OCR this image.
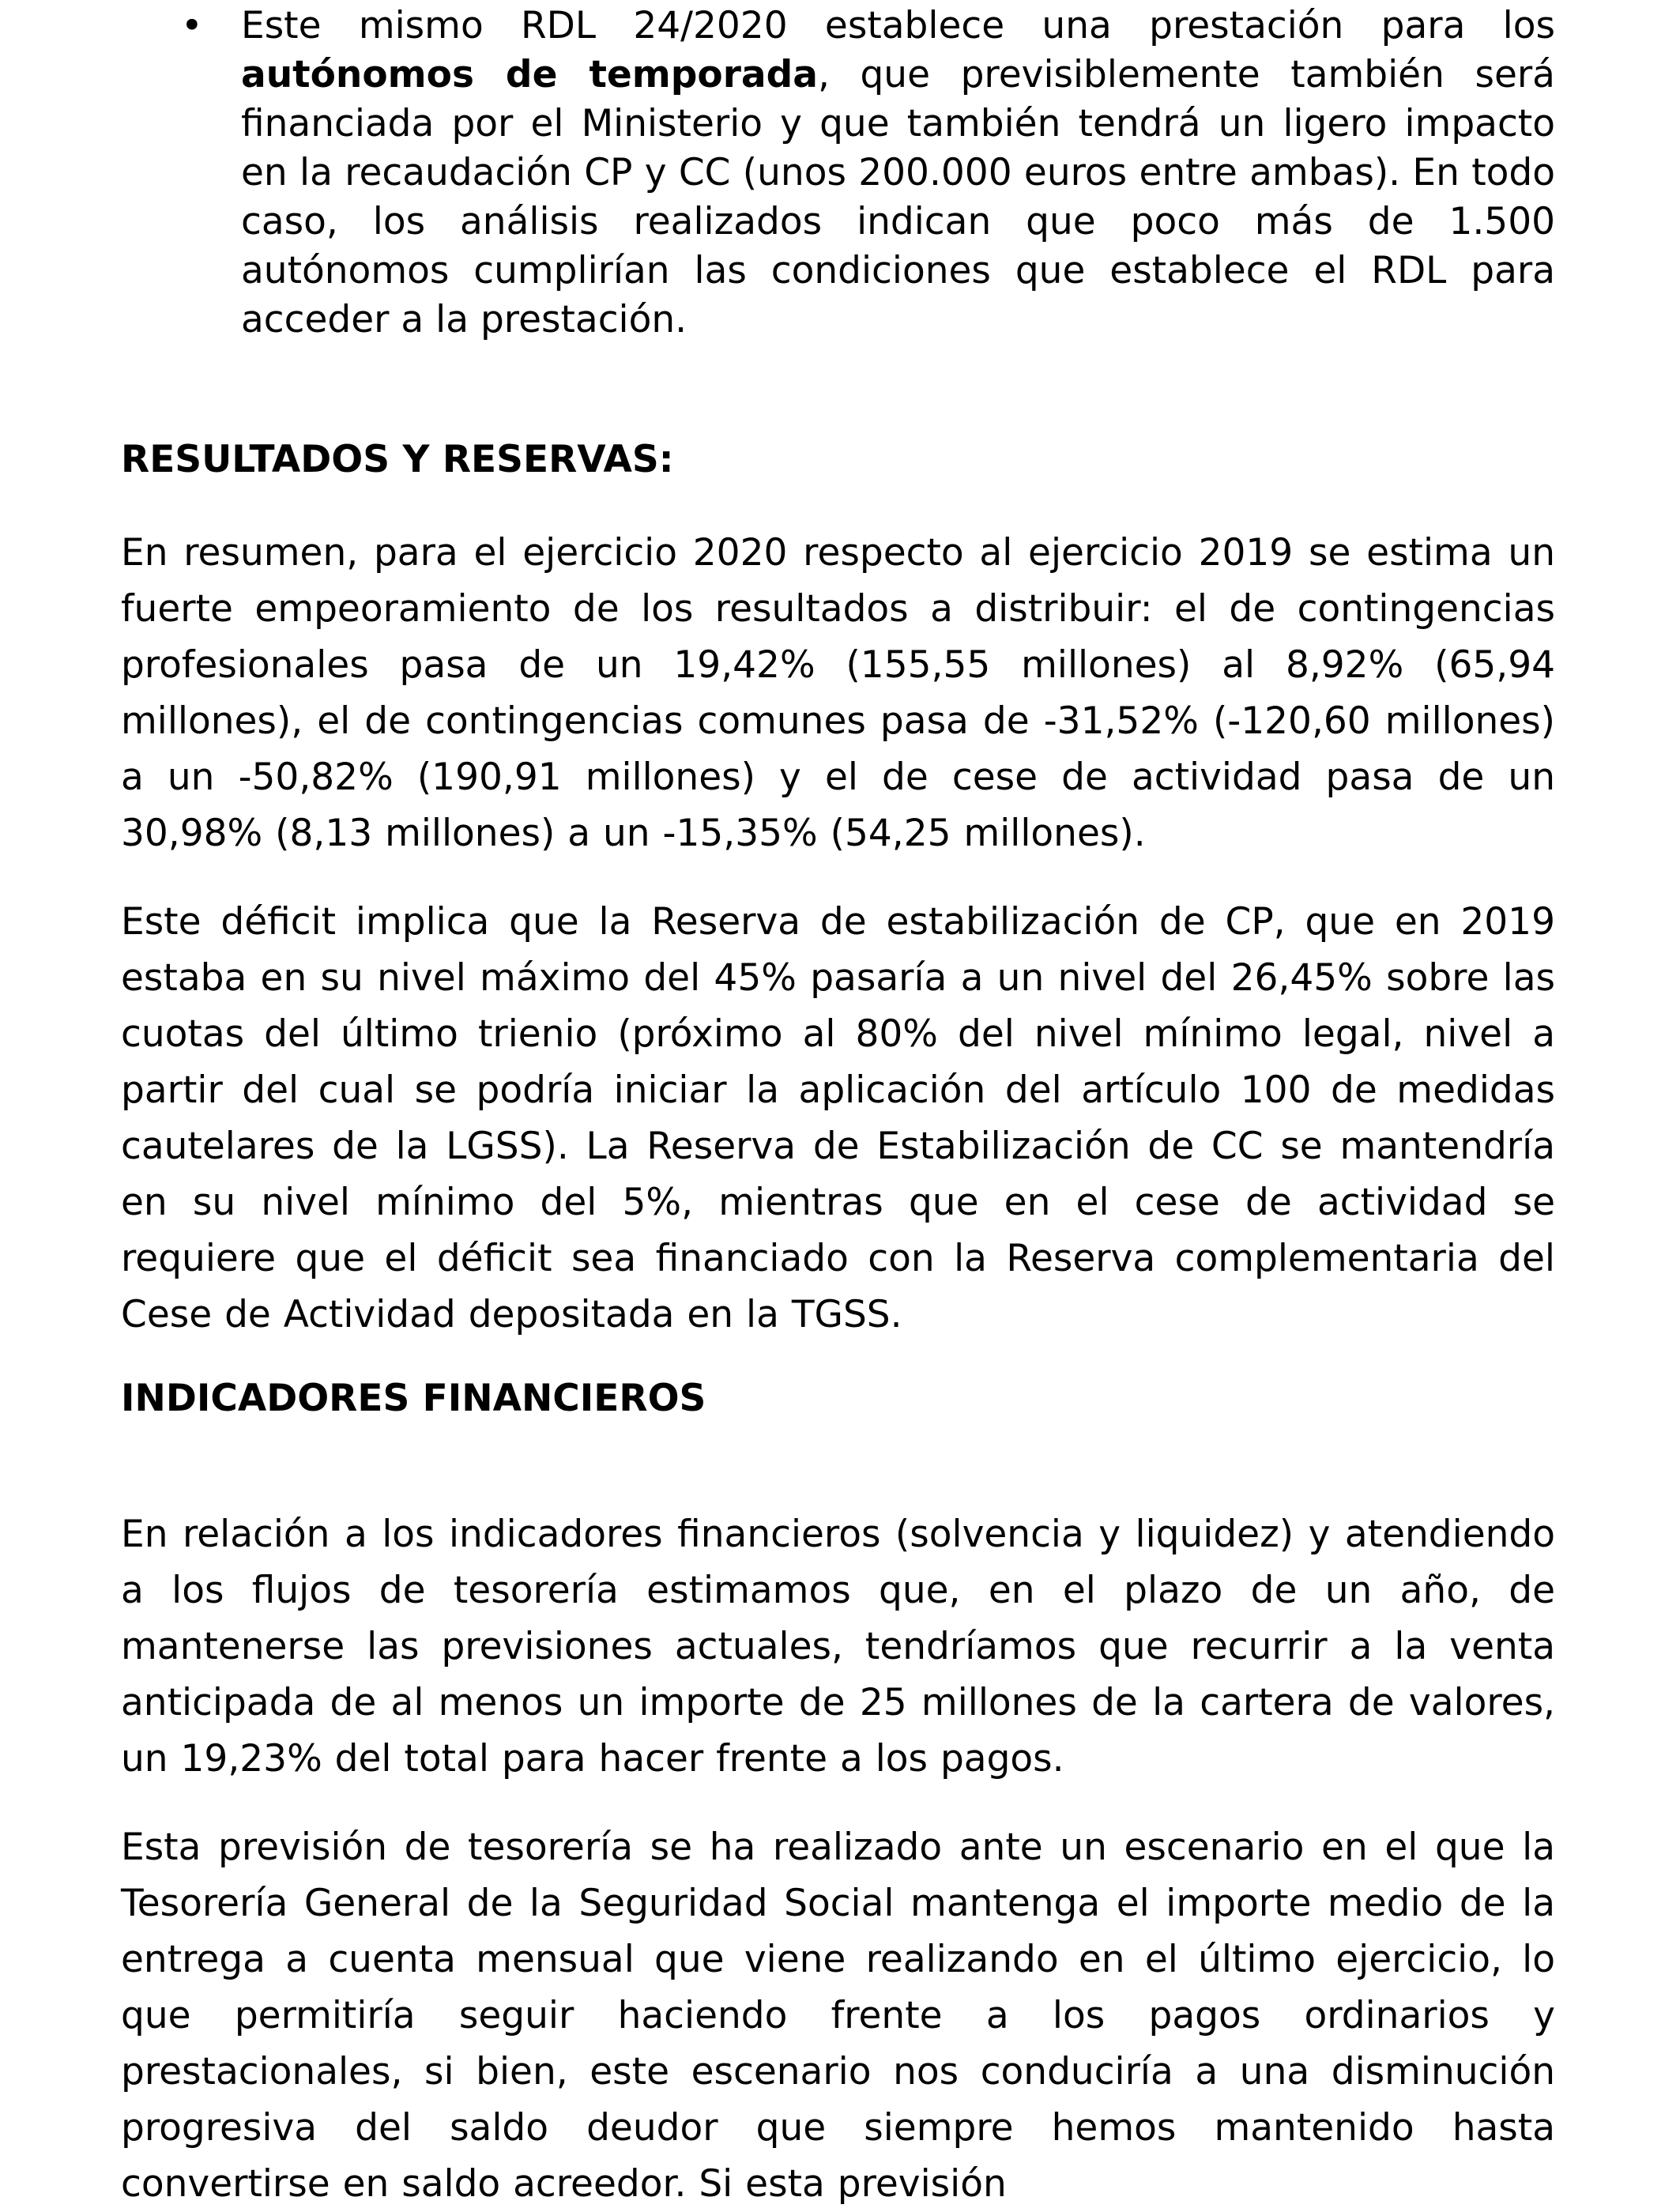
• Este mismo RDL 24/2020 establece una prestación para los autónomos de temporada, que previsiblemente también será financiada por el Ministerio y que también tendrá un ligero impacto en la recaudación CP y CC (unos 200.000 euros entre ambas). En todo caso, los análisis realizados indican que poco más de 1.500 autónomos cumplirían las condiciones que establece el RDL para acceder a la prestación.
RESULTADOS Y RESERVAS:
En resumen, para el ejercicio 2020 respecto al ejercicio 2019 se estima un fuerte empeoramiento de los resultados a distribuir: el de contingencias profesionales pasa de un 19,42% (155,55 millones) al 8,92% (65,94 millones), el de contingencias comunes pasa de -31,52% (-120,60 millones) a un -50,82% (190,91 millones) y el de cese de actividad pasa de un 30,98% (8,13 millones) a un -15,35% (54,25 millones).
Este déficit implica que la Reserva de estabilización de CP, que en 2019 estaba en su nivel máximo del 45% pasaría a un nivel del 26,45% sobre las cuotas del último trienio (próximo al 80% del nivel mínimo legal, nivel a partir del cual se podría iniciar la aplicación del artículo 100 de medidas cautelares de la LGSS). La Reserva de Estabilización de CC se mantendría en su nivel mínimo del 5%, mientras que en el cese de actividad se requiere que el déficit sea financiado con la Reserva complementaria del Cese de Actividad depositada en la TGSS.
INDICADORES FINANCIEROS
En relación a los indicadores financieros (solvencia y liquidez) y atendiendo a los flujos de tesorería estimamos que, en el plazo de un año, de mantenerse las previsiones actuales, tendríamos que recurrir a la venta anticipada de al menos un importe de 25 millones de la cartera de valores, un 19,23% del total para hacer frente a los pagos.
Esta previsión de tesorería se ha realizado ante un escenario en el que la Tesorería General de la Seguridad Social mantenga el importe medio de la entrega a cuenta mensual que viene realizando en el último ejercicio, lo que permitiría seguir haciendo frente a los pagos ordinarios y prestacionales, si bien, este escenario nos conduciría a una disminución progresiva del saldo deudor que siempre hemos mantenido hasta convertirse en saldo acreedor. Si esta previsión
